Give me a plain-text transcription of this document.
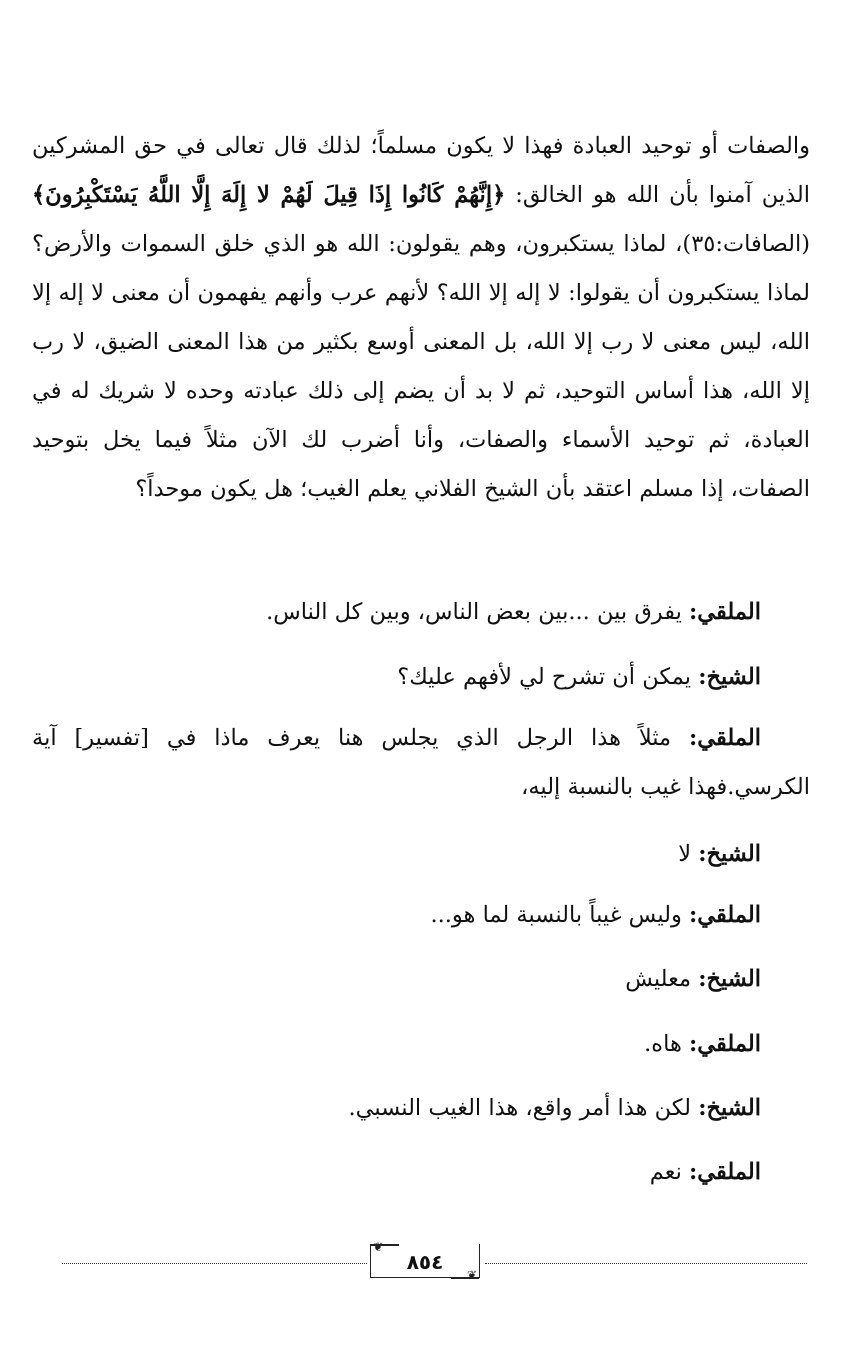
والصفات أو توحيد العبادة فهذا لا يكون مسلماً؛ لذلك قال تعالى في حق المشركين الذين آمنوا بأن الله هو الخالق: ﴿إِنَّهُمْ كَانُوا إِذَا قِيلَ لَهُمْ لا إِلَهَ إِلَّا اللَّهُ يَسْتَكْبِرُونَ﴾(الصافات:٣٥)، لماذا يستكبرون، وهم يقولون: الله هو الذي خلق السموات والأرض؟ لماذا يستكبرون أن يقولوا: لا إله إلا الله؟ لأنهم عرب وأنهم يفهمون أن معنى لا إله إلا الله، ليس معنى لا رب إلا الله، بل المعنى أوسع بكثير من هذا المعنى الضيق، لا رب إلا الله، هذا أساس التوحيد، ثم لا بد أن يضم إلى ذلك عبادته وحده لا شريك له في العبادة، ثم توحيد الأسماء والصفات، وأنا أضرب لك الآن مثلاً فيما يخل بتوحيد الصفات، إذا مسلم اعتقد بأن الشيخ الفلاني يعلم الغيب؛ هل يكون موحداً؟

الملقي: يفرق بين ...بين بعض الناس، وبين كل الناس.

الشيخ: يمكن أن تشرح لي لأفهم عليك؟

الملقي: مثلاً هذا الرجل الذي يجلس هنا يعرف ماذا في [تفسير] آية الكرسي.فهذا غيب بالنسبة إليه،

الشيخ: لا

الملقي: وليس غيباً بالنسبة لما هو...

الشيخ: معليش

الملقي: هاه.

الشيخ: لكن هذا أمر واقع، هذا الغيب النسبي.

الملقي: نعم

❦
٨٥٤
❦
